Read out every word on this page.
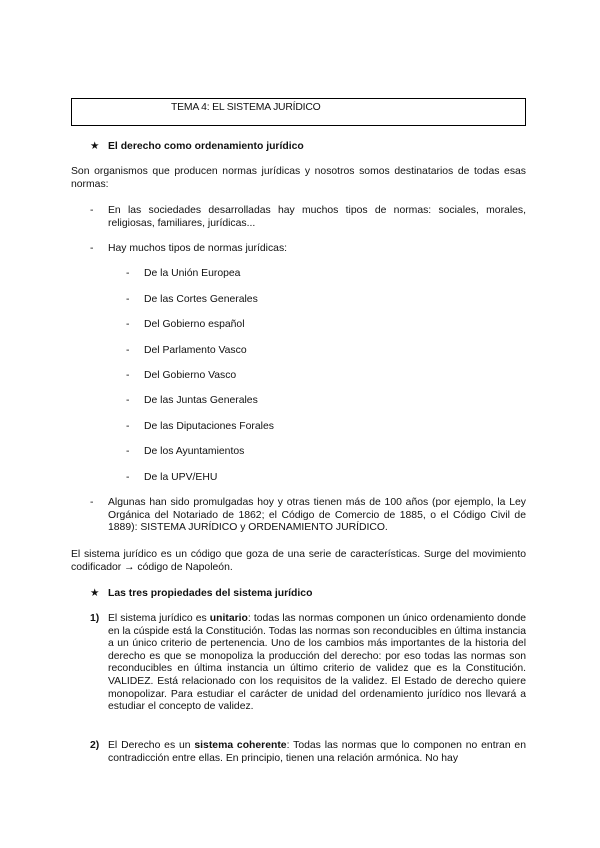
TEMA 4: EL SISTEMA JURÍDICO
★ El derecho como ordenamiento jurídico
Son organismos que producen normas jurídicas y nosotros somos destinatarios de todas esas normas:
- En las sociedades desarrolladas hay muchos tipos de normas: sociales, morales, religiosas, familiares, jurídicas...
- Hay muchos tipos de normas jurídicas:
- De la Unión Europea
- De las Cortes Generales
- Del Gobierno español
- Del Parlamento Vasco
- Del Gobierno Vasco
- De las Juntas Generales
- De las Diputaciones Forales
- De los Ayuntamientos
- De la UPV/EHU
- Algunas han sido promulgadas hoy y otras tienen más de 100 años (por ejemplo, la Ley Orgánica del Notariado de 1862; el Código de Comercio de 1885, o el Código Civil de 1889): SISTEMA JURÍDICO y ORDENAMIENTO JURÍDICO.
El sistema jurídico es un código que goza de una serie de características. Surge del movimiento codificador → código de Napoleón.
★ Las tres propiedades del sistema jurídico
1) El sistema jurídico es unitario: todas las normas componen un único ordenamiento donde en la cúspide está la Constitución. Todas las normas son reconducibles en última instancia a un único criterio de pertenencia. Uno de los cambios más importantes de la historia del derecho es que se monopoliza la producción del derecho: por eso todas las normas son reconducibles en última instancia un último criterio de validez que es la Constitución. VALIDEZ. Está relacionado con los requisitos de la validez. El Estado de derecho quiere monopolizar. Para estudiar el carácter de unidad del ordenamiento jurídico nos llevará a estudiar el concepto de validez.
2) El Derecho es un sistema coherente: Todas las normas que lo componen no entran en contradicción entre ellas. En principio, tienen una relación armónica. No hay
